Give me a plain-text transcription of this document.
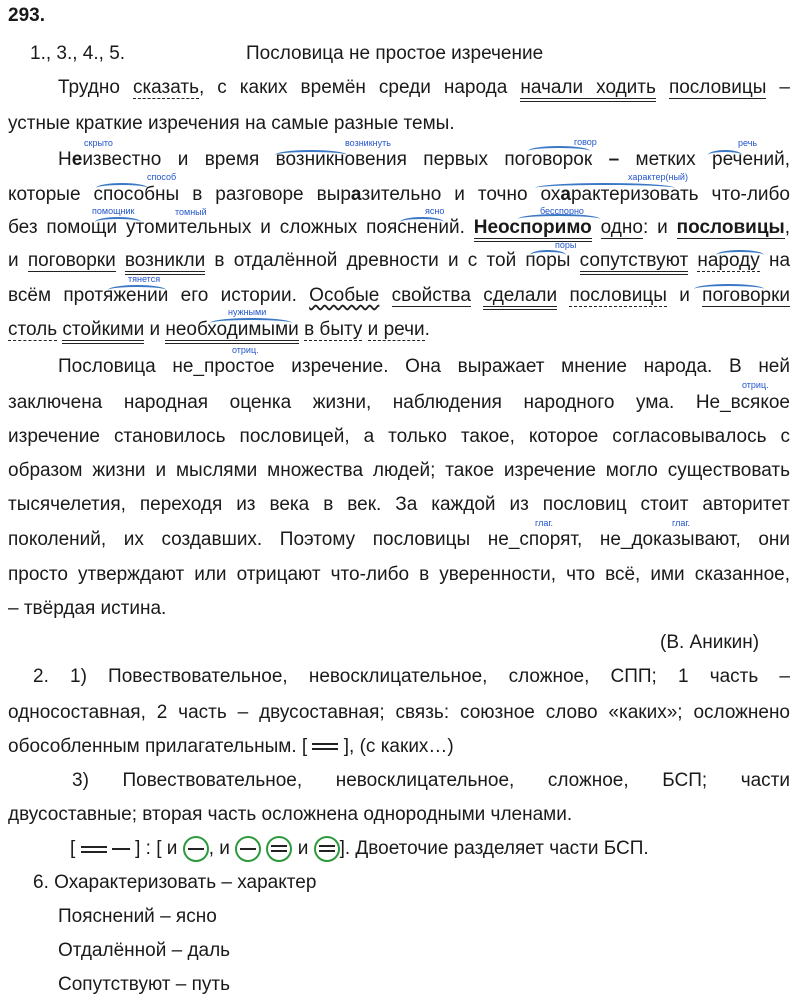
293.
1., 3., 4., 5.	Пословица не простое изречение
Трудно сказать, с каких времён среди народа начали ходить пословицы –
устные краткие изречения на самые разные темы.
скрыто	возникнуть	говор	речь
Неизвестно и время возникновения первых поговорок – метких речений,
способ	характер(ный)
которые способны в разговоре выразительно и точно охарактеризовать что-либо
помощник	томный	ясно	бесспорно
без помощи утомительных и сложных пояснений. Неоспоримо одно: и пословицы,
пóры
и поговорки возникли в отдалённой древности и с той поры сопутствуют народу на
тянется
всём протяжении его истории. Особые свойства сделали пословицы и поговорки
нужными
столь стойкими и необходимыми в быту и речи.
отриц.
Пословица не_простое изречение. Она выражает мнение народа. В ней
отриц.
заключена народная оценка жизни, наблюдения народного ума. Не_всякое
изречение становилось пословицей, а только такое, которое согласовывалось с
образом жизни и мыслями множества людей; такое изречение могло существовать
тысячелетия, переходя из века в век. За каждой из пословиц стоит авторитет
глаг.	глаг.
поколений, их создавших. Поэтому пословицы не_спорят, не_доказывают, они
просто утверждают или отрицают что-либо в уверенности, что всё, ими сказанное,
– твёрдая истина.
(В. Аникин)
2. 1) Повествовательное, невосклицательное, сложное, СПП; 1 часть –
односоставная, 2 часть – двусоставная; связь: союзное слово «каких»; осложнено
обособленным прилагательным. [  ], (с каких…)
3) Повествовательное, невосклицательное, сложное, БСП; части
двусоставные; вторая часть осложнена однородными членами.
[	] : [ и
, и
	и
]. Двоеточие разделяет части БСП.
6. Охарактеризовать – характер
Пояснений – ясно
Отдалённой – даль
Сопутствуют – путь
